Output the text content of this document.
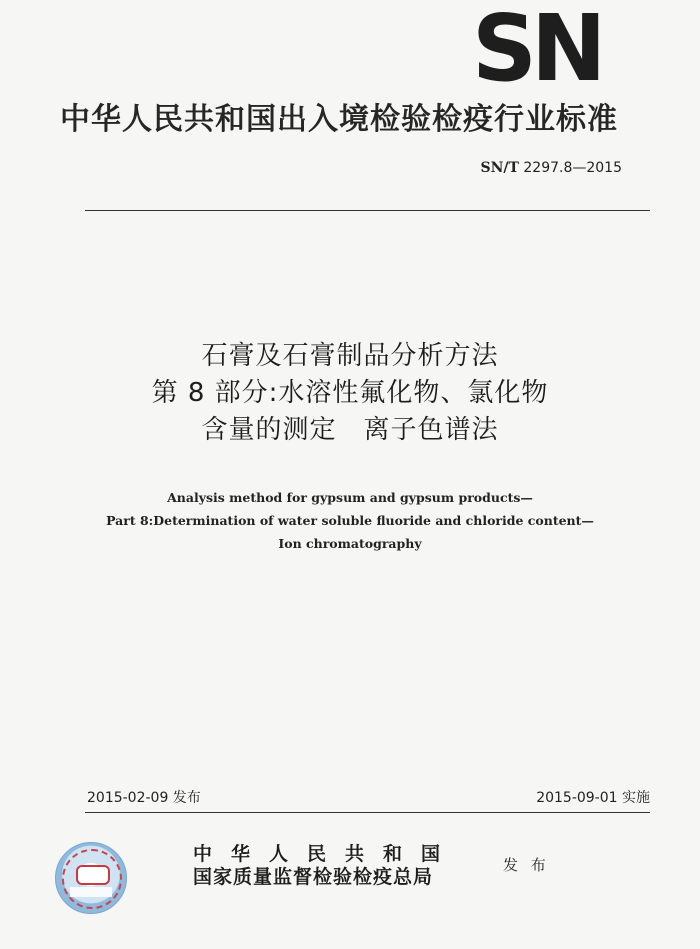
SN
中华人民共和国出入境检验检疫行业标准
SN/T 2297.8—2015
石膏及石膏制品分析方法
第 8 部分:水溶性氟化物、氯化物
含量的测定　离子色谱法
Analysis method for gypsum and gypsum products—
Part 8:Determination of water soluble fluoride and chloride content—
Ion chromatography
2015-02-09 发布	2015-09-01 实施
中华人民共和国
国家质量监督检验检疫总局
发 布
